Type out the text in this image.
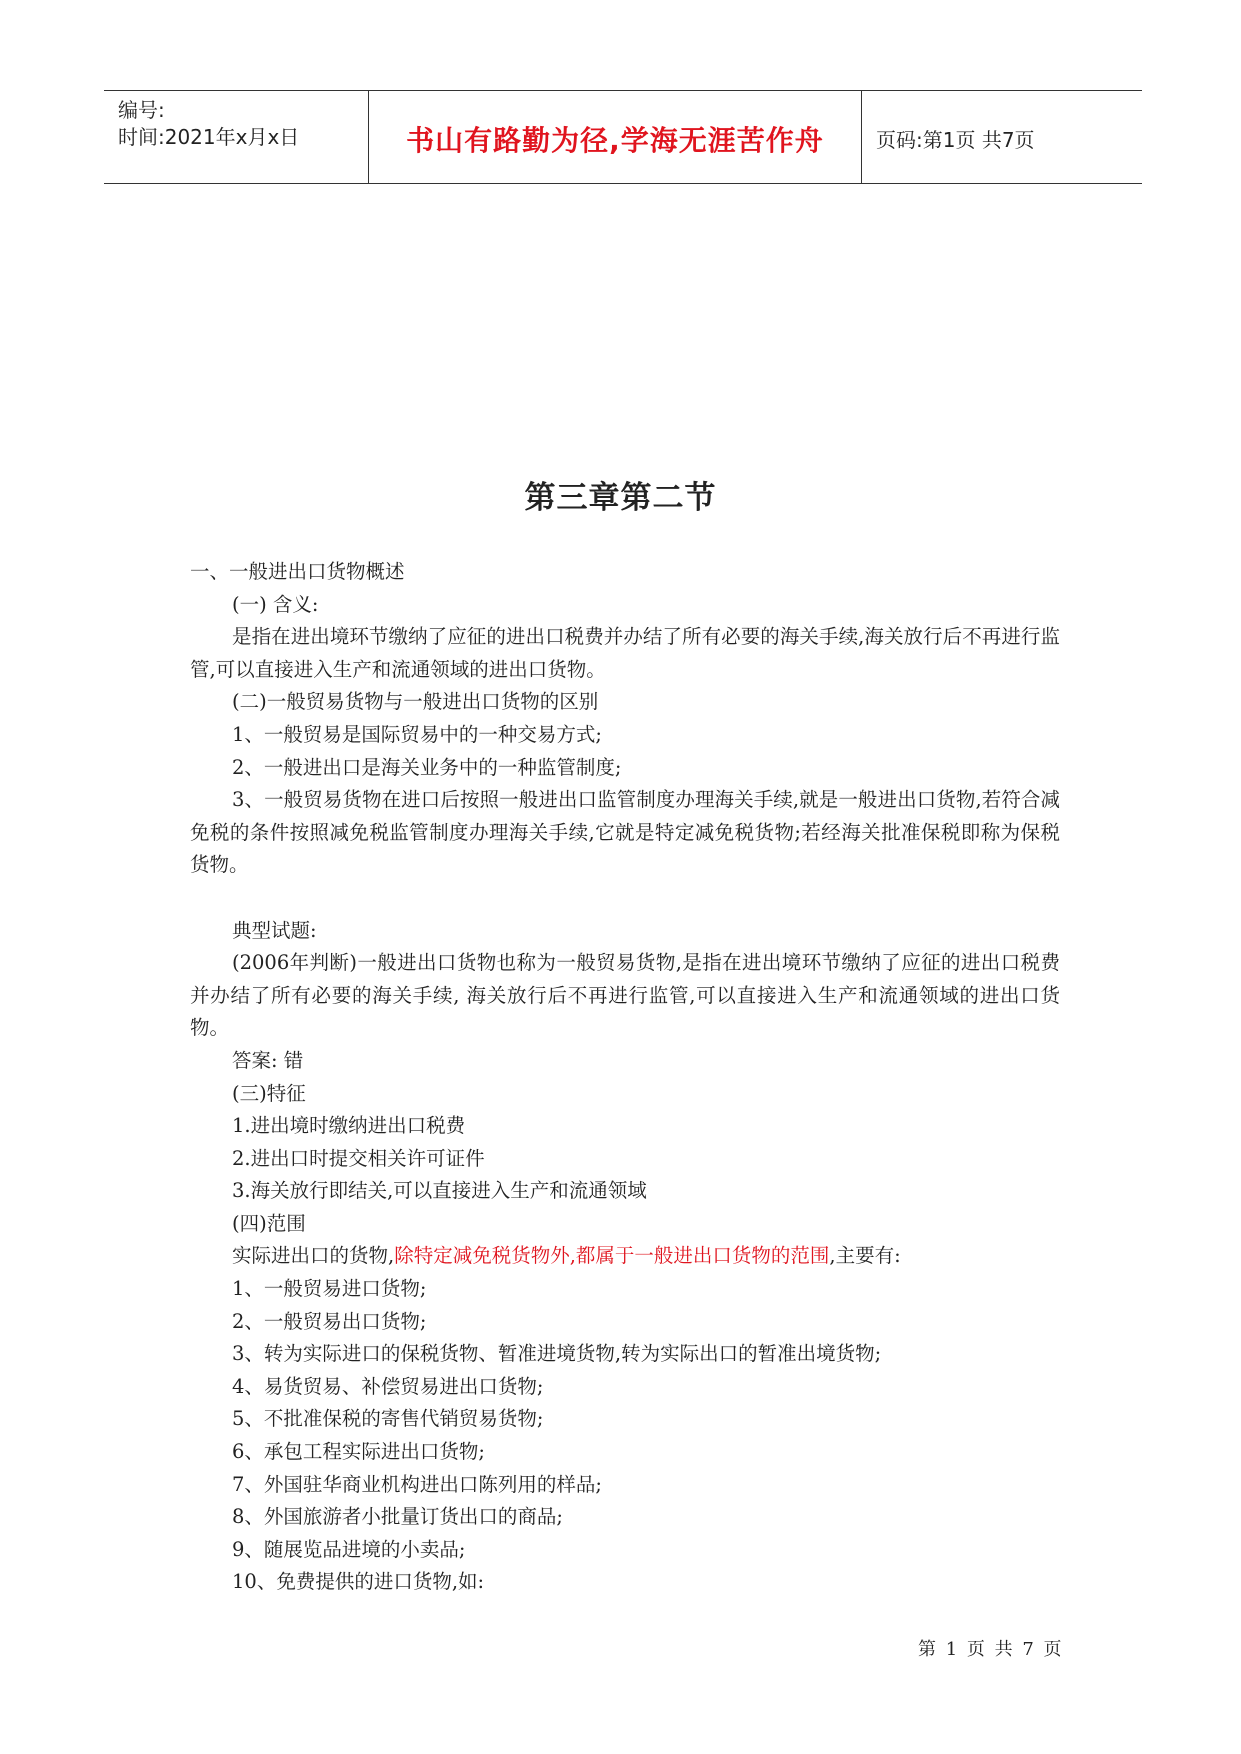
编号:
时间:2021年x月x日	书山有路勤为径,学海无涯苦作舟	页码:第1页 共7页
第三章第二节

一、一般进出口货物概述

(一) 含义:

是指在进出境环节缴纳了应征的进出口税费并办结了所有必要的海关手续,海关放行后不再进行监管,可以直接进入生产和流通领域的进出口货物。

(二)一般贸易货物与一般进出口货物的区别

1、一般贸易是国际贸易中的一种交易方式;

2、一般进出口是海关业务中的一种监管制度;

3、一般贸易货物在进口后按照一般进出口监管制度办理海关手续,就是一般进出口货物,若符合减免税的条件按照减免税监管制度办理海关手续,它就是特定减免税货物;若经海关批准保税即称为保税货物。

典型试题:

(2006年判断)一般进出口货物也称为一般贸易货物,是指在进出境环节缴纳了应征的进出口税费并办结了所有必要的海关手续, 海关放行后不再进行监管,可以直接进入生产和流通领域的进出口货物。

答案: 错

(三)特征

1.进出境时缴纳进出口税费

2.进出口时提交相关许可证件

3.海关放行即结关,可以直接进入生产和流通领域

(四)范围

实际进出口的货物,除特定减免税货物外,都属于一般进出口货物的范围,主要有:

1、一般贸易进口货物;

2、一般贸易出口货物;

3、转为实际进口的保税货物、暂准进境货物,转为实际出口的暂准出境货物;

4、易货贸易、补偿贸易进出口货物;

5、不批准保税的寄售代销贸易货物;

6、承包工程实际进出口货物;

7、外国驻华商业机构进出口陈列用的样品;

8、外国旅游者小批量订货出口的商品;

9、随展览品进境的小卖品;

10、免费提供的进口货物,如:

第 1 页 共 7 页
